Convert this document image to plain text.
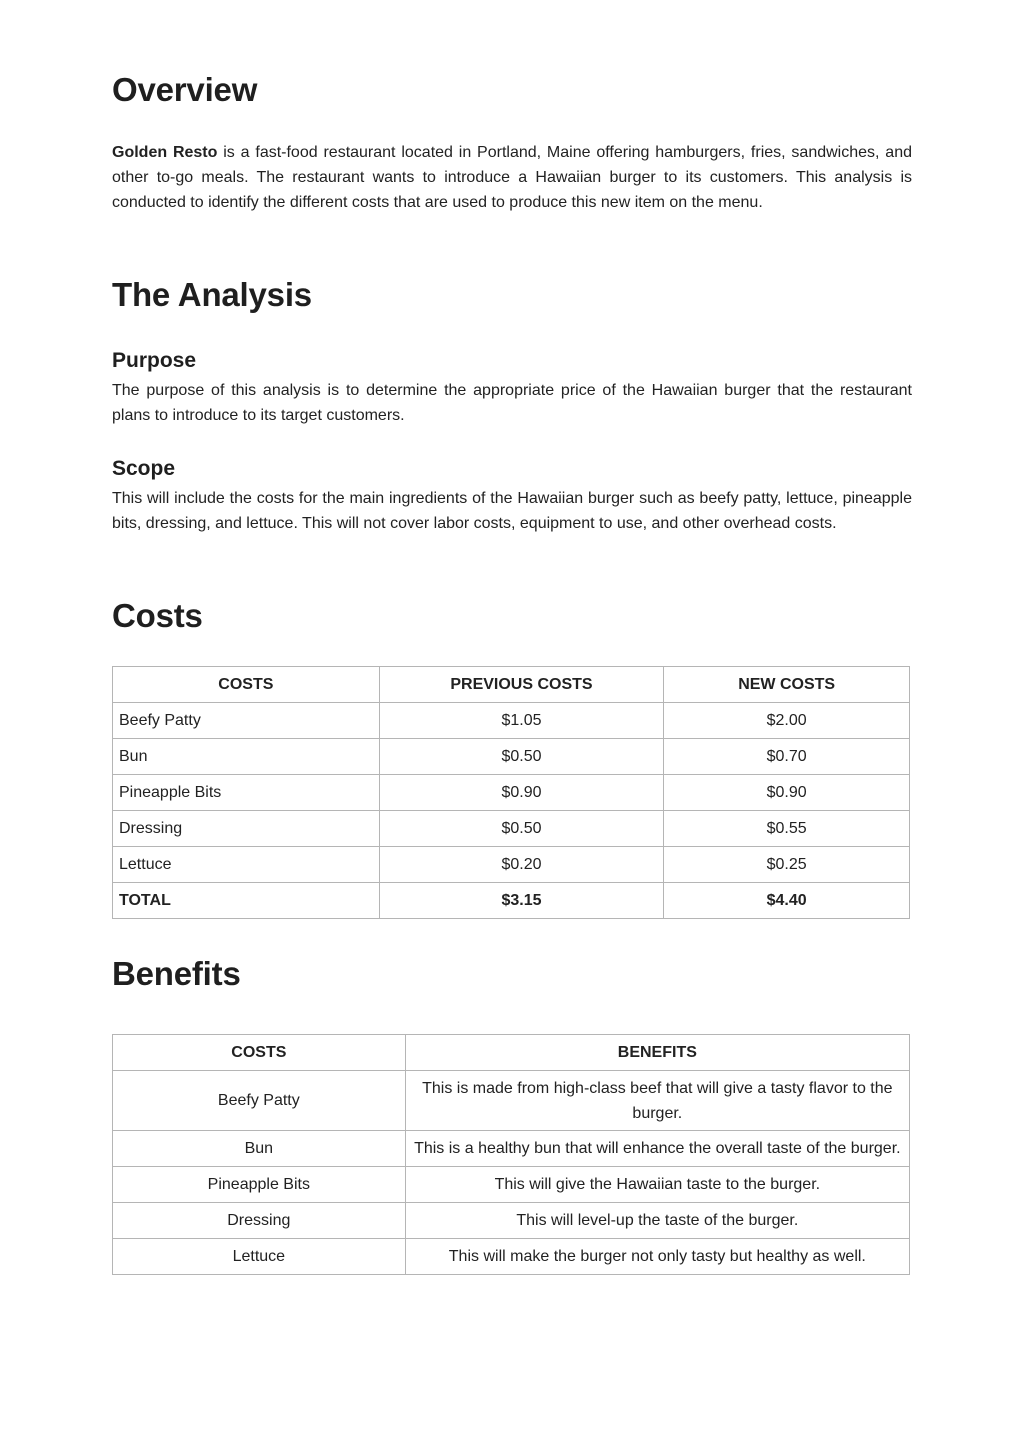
Overview

Golden Resto is a fast-food restaurant located in Portland, Maine offering hamburgers, fries, sandwiches, and other to-go meals. The restaurant wants to introduce a Hawaiian burger to its customers. This analysis is conducted to identify the different costs that are used to produce this new item on the menu.

The Analysis
Purpose

The purpose of this analysis is to determine the appropriate price of the Hawaiian burger that the restaurant plans to introduce to its target customers.

Scope

This will include the costs for the main ingredients of the Hawaiian burger such as beefy patty, lettuce, pineapple bits, dressing, and lettuce. This will not cover labor costs, equipment to use, and other overhead costs.

Costs
COSTS	PREVIOUS COSTS	NEW COSTS
Beefy Patty	$1.05	$2.00
Bun	$0.50	$0.70
Pineapple Bits	$0.90	$0.90
Dressing	$0.50	$0.55
Lettuce	$0.20	$0.25
TOTAL	$3.15	$4.40
Benefits
COSTS	BENEFITS
Beefy Patty	This is made from high-class beef that will give a tasty flavor to the burger.
Bun	This is a healthy bun that will enhance the overall taste of the burger.
Pineapple Bits	This will give the Hawaiian taste to the burger.
Dressing	This will level-up the taste of the burger.
Lettuce	This will make the burger not only tasty but healthy as well.
